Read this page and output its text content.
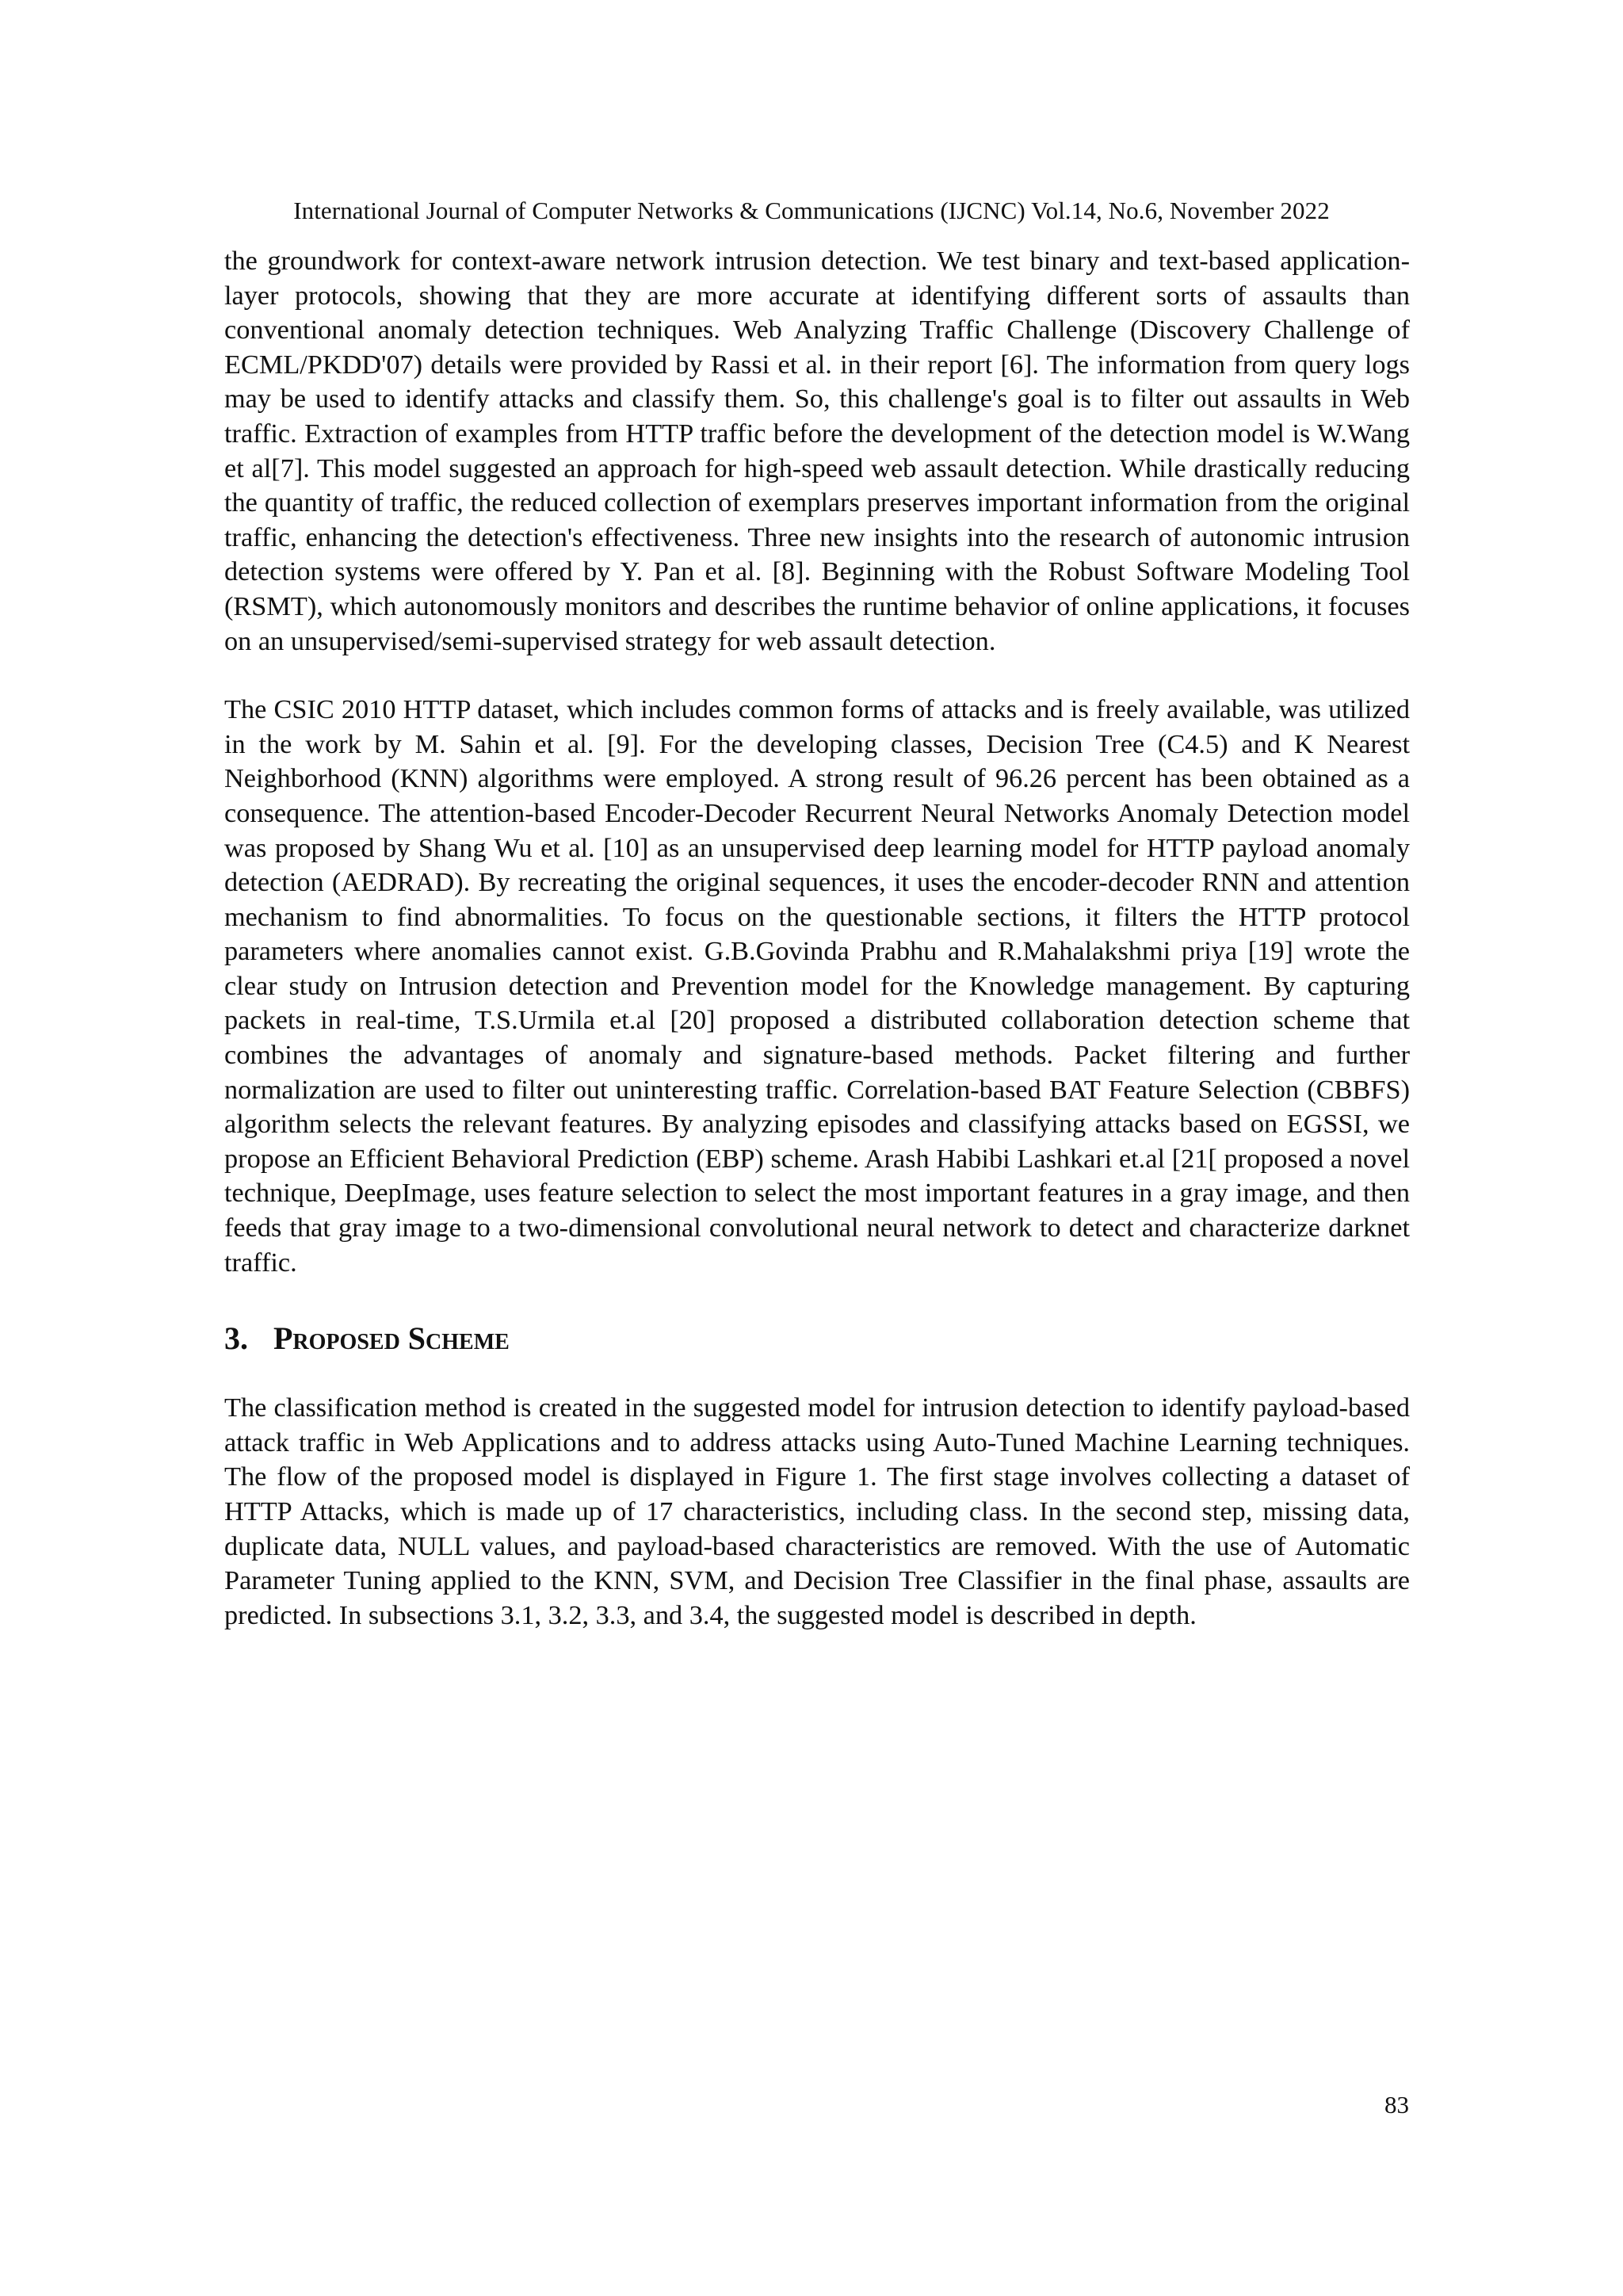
International Journal of Computer Networks & Communications (IJCNC) Vol.14, No.6, November 2022

the groundwork for context-aware network intrusion detection. We test binary and text-based application-layer protocols, showing that they are more accurate at identifying different sorts of assaults than conventional anomaly detection techniques. Web Analyzing Traffic Challenge (Discovery Challenge of ECML/PKDD'07) details were provided by Rassi et al. in their report [6]. The information from query logs may be used to identify attacks and classify them. So, this challenge's goal is to filter out assaults in Web traffic. Extraction of examples from HTTP traffic before the development of the detection model is W.Wang et al[7]. This model suggested an approach for high-speed web assault detection. While drastically reducing the quantity of traffic, the reduced collection of exemplars preserves important information from the original traffic, enhancing the detection's effectiveness. Three new insights into the research of autonomic intrusion detection systems were offered by Y. Pan et al. [8]. Beginning with the Robust Software Modeling Tool (RSMT), which autonomously monitors and describes the runtime behavior of online applications, it focuses on an unsupervised/semi-supervised strategy for web assault detection.

The CSIC 2010 HTTP dataset, which includes common forms of attacks and is freely available, was utilized in the work by M. Sahin et al. [9]. For the developing classes, Decision Tree (C4.5) and K Nearest Neighborhood (KNN) algorithms were employed. A strong result of 96.26 percent has been obtained as a consequence. The attention-based Encoder-Decoder Recurrent Neural Networks Anomaly Detection model was proposed by Shang Wu et al. [10] as an unsupervised deep learning model for HTTP payload anomaly detection (AEDRAD). By recreating the original sequences, it uses the encoder-decoder RNN and attention mechanism to find abnormalities. To focus on the questionable sections, it filters the HTTP protocol parameters where anomalies cannot exist. G.B.Govinda Prabhu and R.Mahalakshmi priya [19] wrote the clear study on Intrusion detection and Prevention model for the Knowledge management. By capturing packets in real-time, T.S.Urmila et.al [20] proposed a distributed collaboration detection scheme that combines the advantages of anomaly and signature-based methods. Packet filtering and further normalization are used to filter out uninteresting traffic. Correlation-based BAT Feature Selection (CBBFS) algorithm selects the relevant features. By analyzing episodes and classifying attacks based on EGSSI, we propose an Efficient Behavioral Prediction (EBP) scheme. Arash Habibi Lashkari et.al [21[ proposed a novel technique, DeepImage, uses feature selection to select the most important features in a gray image, and then feeds that gray image to a two-dimensional convolutional neural network to detect and characterize darknet traffic.

3. Proposed Scheme

The classification method is created in the suggested model for intrusion detection to identify payload-based attack traffic in Web Applications and to address attacks using Auto-Tuned Machine Learning techniques. The flow of the proposed model is displayed in Figure 1. The first stage involves collecting a dataset of HTTP Attacks, which is made up of 17 characteristics, including class. In the second step, missing data, duplicate data, NULL values, and payload-based characteristics are removed. With the use of Automatic Parameter Tuning applied to the KNN, SVM, and Decision Tree Classifier in the final phase, assaults are predicted. In subsections 3.1, 3.2, 3.3, and 3.4, the suggested model is described in depth.

83
